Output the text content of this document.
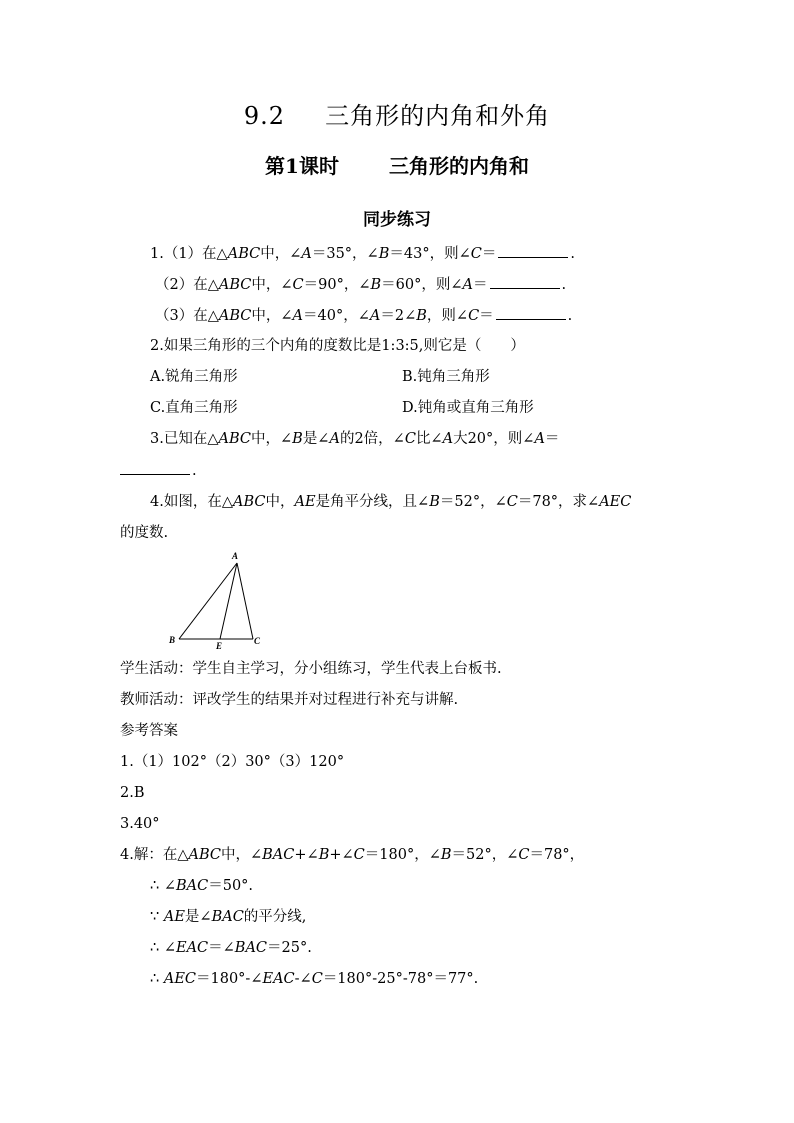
9.2 三角形的内角和外角
第1课时	三角形的内角和
同步练习
1.（1）在△ABC中，∠A＝35°，∠B＝43°，则∠C＝	.
（2）在△ABC中，∠C＝90°，∠B＝60°，则∠A＝	.
（3）在△ABC中，∠A＝40°，∠A＝2∠B，则∠C＝	.
2.如果三角形的三个内角的度数比是1:3:5,则它是（　　）
A.锐角三角形	B.钝角三角形
C.直角三角形	D.钝角或直角三角形
3.已知在△ABC中，∠B是∠A的2倍，∠C比∠A大20°，则∠A＝
.
4.如图，在△ABC中，AE是角平分线，且∠B＝52°，∠C＝78°，求∠AEC
的度数.
A
B
E	C
学生活动：学生自主学习，分小组练习，学生代表上台板书.
教师活动：评改学生的结果并对过程进行补充与讲解.
参考答案
1.（1）102°（2）30°（3）120°
2.B
3.40°
4.解：在△ABC中，∠BAC+∠B+∠C＝180°，∠B＝52°，∠C＝78°，
∴ ∠BAC＝50°.
∵ AE是∠BAC的平分线,
∴ ∠EAC＝∠BAC＝25°.
∴ AEC＝180°-∠EAC-∠C＝180°-25°-78°＝77°.
